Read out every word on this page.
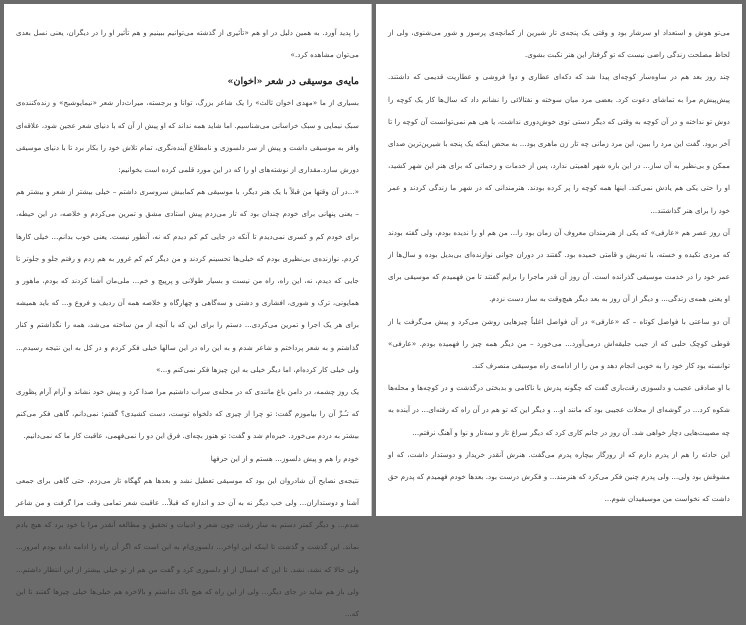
را پدید آورد. به همین دلیل در او هم «تأثیری از گذشته می‌توانیم ببینیم و هم تأثیر او را در دیگران، یعنی نسل بعدی می‌توان مشاهده کرد.»

مایه‌ی موسیقی در شعر «اخوان»

بسیاری از ما «مهدی اخوان ثالث» را یک شاعر بزرگ، توانا و برجسته، میراث‌دار شعر «نیمایوشیج» و زنده‌کننده‌ی سبک نیمایی و سبک خراسانی می‌شناسیم. اما شاید همه نداند که او پیش از آن که با دنیای شعر عجین شود، علاقه‌ای وافر به موسیقی داشت و پیش از سر دلسوزی و نامطلاع آینده‌نگری، تمام تلاش خود را بکار برد تا با دنیای موسیقی دورش سازد.مقداری از نوشته‌های او را که در این مورد قلمی کرده است بخوانیم:

«...در آن وقتها من قبلاً با یک هنر دیگر، با موسیقی هم کمابیش سروسری داشتم – خیلی بیشتر از شعر و بیشتر هم – یعنی پنهانی برای خودم چندان بود که تار می‌زدم پیش استادی مشق و تمرین می‌کردم و خلاصه، در این حیطه، برای خودم کم و کسری نمی‌دیدم تا آنکه در جایی کم کم دیدم که نه، آنطور نیست. یعنی خوب بدانم... خیلی کارها کردم. نوازنده‌ی بی‌نظیری بودم که خیلی‌ها تحسینم کردند و من دیگر کم کم غرور به هم زدم و رفتم جلو و جلوتر تا جایی که دیدم، نه، این راه، راه من نیست و بسیار طولانی و پرپیچ و خم... ملی‌مان آشنا کردند که بودم، ماهور و همایونی، ترک و شوری، افشاری و دشتی و سه‌گاهی و چهارگاه و خلاصه همه آن ردیف و فروع و... که باید همیشه برای هر یک اجرا و تمرین می‌کردی... دستم را برای این که با آنچه از من ساخته می‌شد، همه را نگذاشتم و کنار گذاشتم و به شعر پرداختم و شاعر شدم و به این راه در این سالها خیلی فکر کردم و در کل به این نتیجه رسیدم... ولی خیلی کار کرده‌ام، اما دیگر خیلی به این چیزها فکر نمی‌کنم و...»

یک روز چشمه، در دامن باغ مانندی که در محله‌ی سراب داشتیم مرا صدا کرد و پیش خود نشاند و آرام آرام ‌پظوری که تـُـرِّ آن را بیاموزم گفت: تو چرا از چیزی که دلخواه توست، دست کشیدی؟ گفتم: نمی‌دانم، گاهی فکر می‌کنم بیشتر به دردم می‌خورد. خیره‌ام شد و گفت: تو هنوز بچه‌ای. فرق این دو را نمی‌فهمی، عاقبت کار ما که نمی‌دانیم.

خودم را هم و پیش دلسوز... هستم و از این حرفها

نتیجه‌ی نصایح آن شادروان این بود که موسیقی تعطیل نشد و بعدها هم گهگاه تار می‌زدم. حتی گاهی برای جمعی آشنا و دوستداران... ولی خب دیگر نه به آن حد و اندازه که قبلاً... عاقبت شعر تمامی وقت مرا گرفت و من شاعر شدم... و دیگر کمتر دستم به ساز رفت، چون شعر و ادبیات و تحقیق و مطالعه آنقدر مرا با خود برد که هیچ یادم نماند. این گذشت و گذشت تا اینکه این اواخر... دلسوزی‌ام به این است که اگر آن راه را ادامه داده بودم امروز... ولی حالا که نشد، نشد. تا این که امسال از او دلسوزی کرد و گفت من هم از تو خیلی بیشتر از این انتظار داشتم... ولی باز هم شاید در جای دیگر... ولی از این راه که هیچ باک نداشتم و بالاخره هم خیلی‌ها خیلی چیزها گفتند تا این که...

می‌تو هوش و استعداد او سرشار بود و وقتی یک پنجه‌ی تار شیرین از کمانچه‌ی پرسوز و شور می‌شنوی، ولی از لحاظ مصلحت زندگی راضی نیست که تو گرفتار این هنر نکبت بشوی.

چند روز بعد هم در ساوه‌سار کوچه‌ای پیدا شد که دکه‌ای عطاری و دوا فروشی و عطاریت قدیمی که داشتند. پیش‌پیش‌م مرا به تماشای دعوت کرد. بعضی مرد میان سوخته و نفتالائی را نشانم داد که سال‌ها کار یک کوچه را دوش تو نداخته و در آن کوچه به وقتی که دیگر دستی توی خوش‌دوری نداشت، یا هی هم نمی‌توانست آن کوچه را تا آخر برود. گفت این مرد را ببین، این مرد زمانی چه تار زن ماهری بود... به محض اینکه یک پنجه با شیرین‌ترین صدای ممکن و بی‌نظیر به آن ساز... در این باره شهر اهمیتی ندارد، پس از خدمات و زحماتی که برای هنر این شهر کشید، او را حتی یکی هم یادش نمی‌کند. اینها همه کوچه را پر کرده بودند. هنرمندانی که در شهر ما زندگی کردند و عمر خود را برای هنر گذاشتند...

آن روز عصر هم «عارفی» که یکی از هنرمندان معروف آن زمان بود را... من هم او را ندیده بودم، ولی گفته بودند که مردی تکیده و خسته، با ته‌ریش و قامتی خمیده بود. گفتند در دوران جوانی نوازنده‌ای بی‌بدیل بوده و سال‌ها از عمر خود را در خدمت موسیقی گذرانده است. آن روز آن قدر ماجرا را برایم گفتند تا من فهمیدم که موسیقی برای او یعنی همه‌ی زندگی... و دیگر از آن روز به بعد دیگر هیچ‌وقت به ساز دست نزدم.

آن دو ساعتی با فواصل کوتاه – که «عارفی» در آن فواصل اغلباً چیزهایی روشن می‌کرد و پیش می‌گرفت یا از قوطی کوچک حلبی که از جیب جلیقه‌اش درمی‌آورد... می‌خورد – من دیگر همه چیز را فهمیده بودم. «عارفی» توانسته بود کار خود را به خوبی انجام دهد و من را از ادامه‌ی راه موسیقی منصرف کند.

با او صادقی عجیب و دلسوزی رقت‌باری گفت که چگونه پدرش با ناکامی و بدبختی درگذشت و در کوچه‌ها و محله‌ها شکوه کرد... در گوشه‌ای از محلات عجیبی بود که مانند او... و دیگر این که تو هم در آن راه که رفته‌ای... در آینده به چه مصیبت‌هایی دچار خواهی شد. آن روز در جانم کاری کرد که دیگر سراغ تار و سه‌تار و نوا و آهنگ نرفتم...

این حادثه را هم از پدرم دارم که از روزگار بیچاره پدرم می‌گفت. هنرش آنقدر خریدار و دوستدار داشت، که او مشوقش بود ولی... ولی پدرم چنین فکر می‌کرد که هنرمند... و فکرش درست بود. بعدها خودم فهمیدم که پدرم حق داشت که نخواست من موسیقیدان شوم...
